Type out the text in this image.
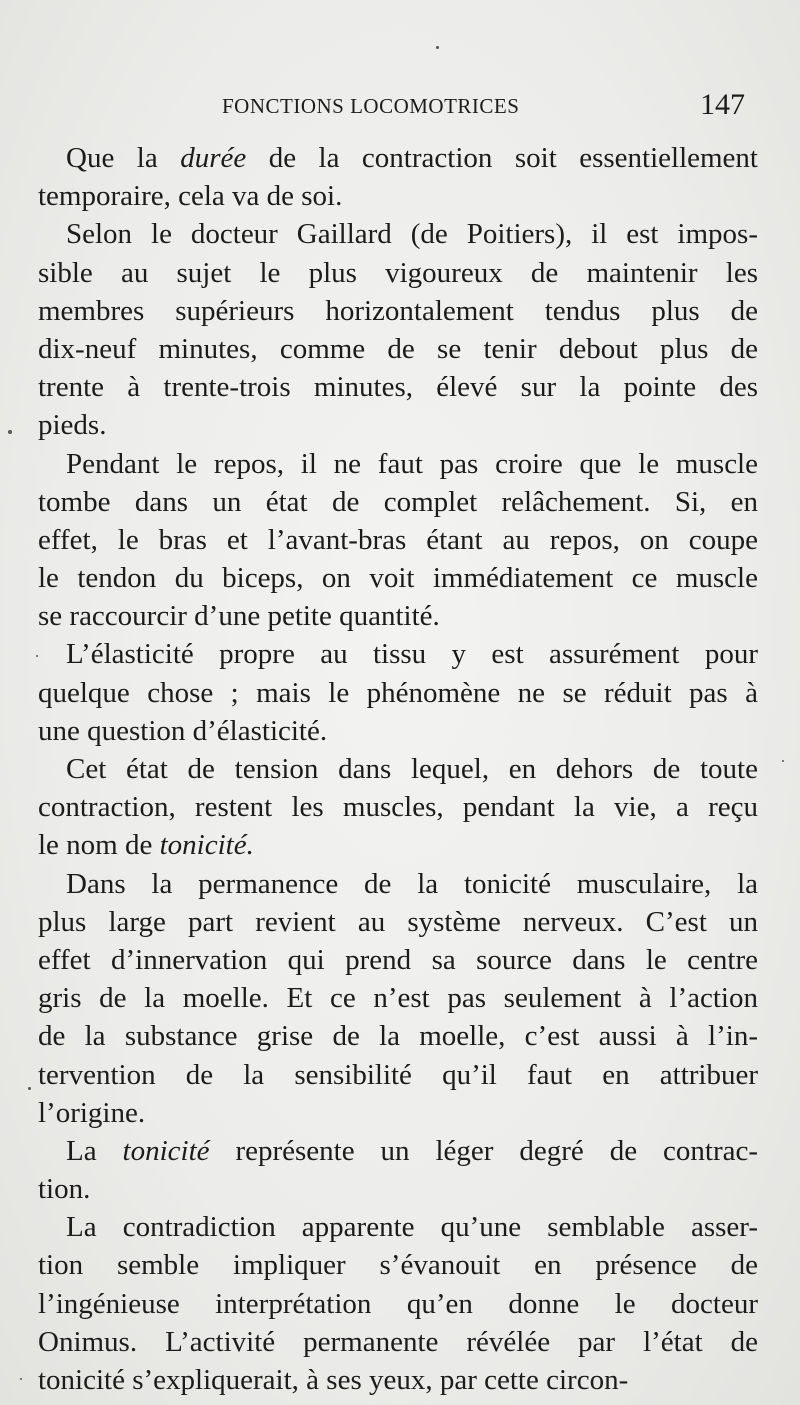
FONCTIONS LOCOMOTRICES	147
Que la durée de la contraction soit essentiellement
temporaire, cela va de soi.
Selon le docteur Gaillard (de Poitiers), il est impos-
sible au sujet le plus vigoureux de maintenir les
membres supérieurs horizontalement tendus plus de
dix-neuf minutes, comme de se tenir debout plus de
trente à trente-trois minutes, élevé sur la pointe des
pieds.
Pendant le repos, il ne faut pas croire que le muscle
tombe dans un état de complet relâchement. Si, en
effet, le bras et l’avant-bras étant au repos, on coupe
le tendon du biceps, on voit immédiatement ce muscle
se raccourcir d’une petite quantité.
L’élasticité propre au tissu y est assurément pour
quelque chose ; mais le phénomène ne se réduit pas à
une question d’élasticité.
Cet état de tension dans lequel, en dehors de toute
contraction, restent les muscles, pendant la vie, a reçu
le nom de tonicité.
Dans la permanence de la tonicité musculaire, la
plus large part revient au système nerveux. C’est un
effet d’innervation qui prend sa source dans le centre
gris de la moelle. Et ce n’est pas seulement à l’action
de la substance grise de la moelle, c’est aussi à l’in-
tervention de la sensibilité qu’il faut en attribuer
l’origine.
La tonicité représente un léger degré de contrac-
tion.
La contradiction apparente qu’une semblable asser-
tion semble impliquer s’évanouit en présence de
l’ingénieuse interprétation qu’en donne le docteur
Onimus. L’activité permanente révélée par l’état de
tonicité s’expliquerait, à ses yeux, par cette circon-
